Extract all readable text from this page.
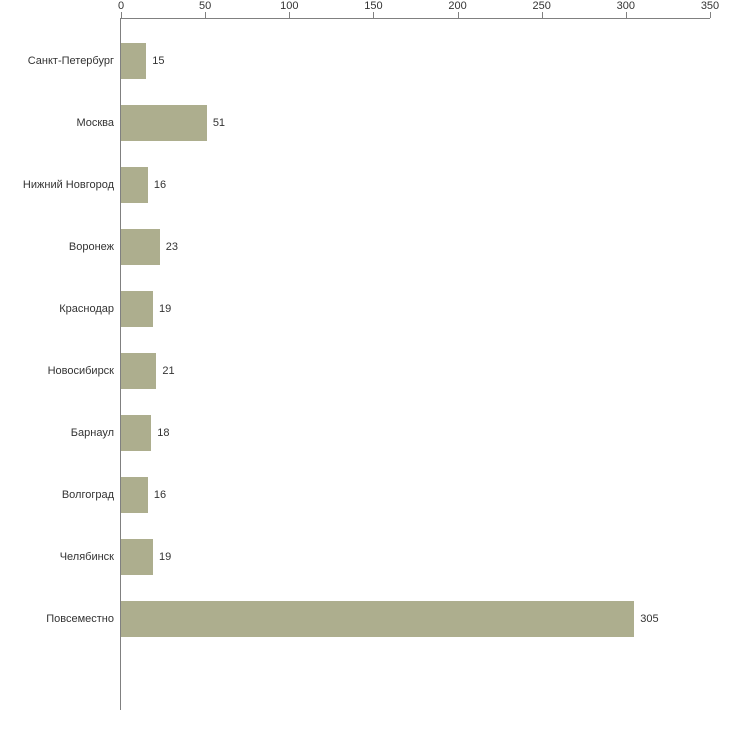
0	50	100	150	200	250	300	350
Санкт-Петербург	15
Москва	51
Нижний Новгород	16
Воронеж	23
Краснодар	19
Новосибирск	21
Барнаул	18
Волгоград	16
Челябинск	19
Повсеместно	305
